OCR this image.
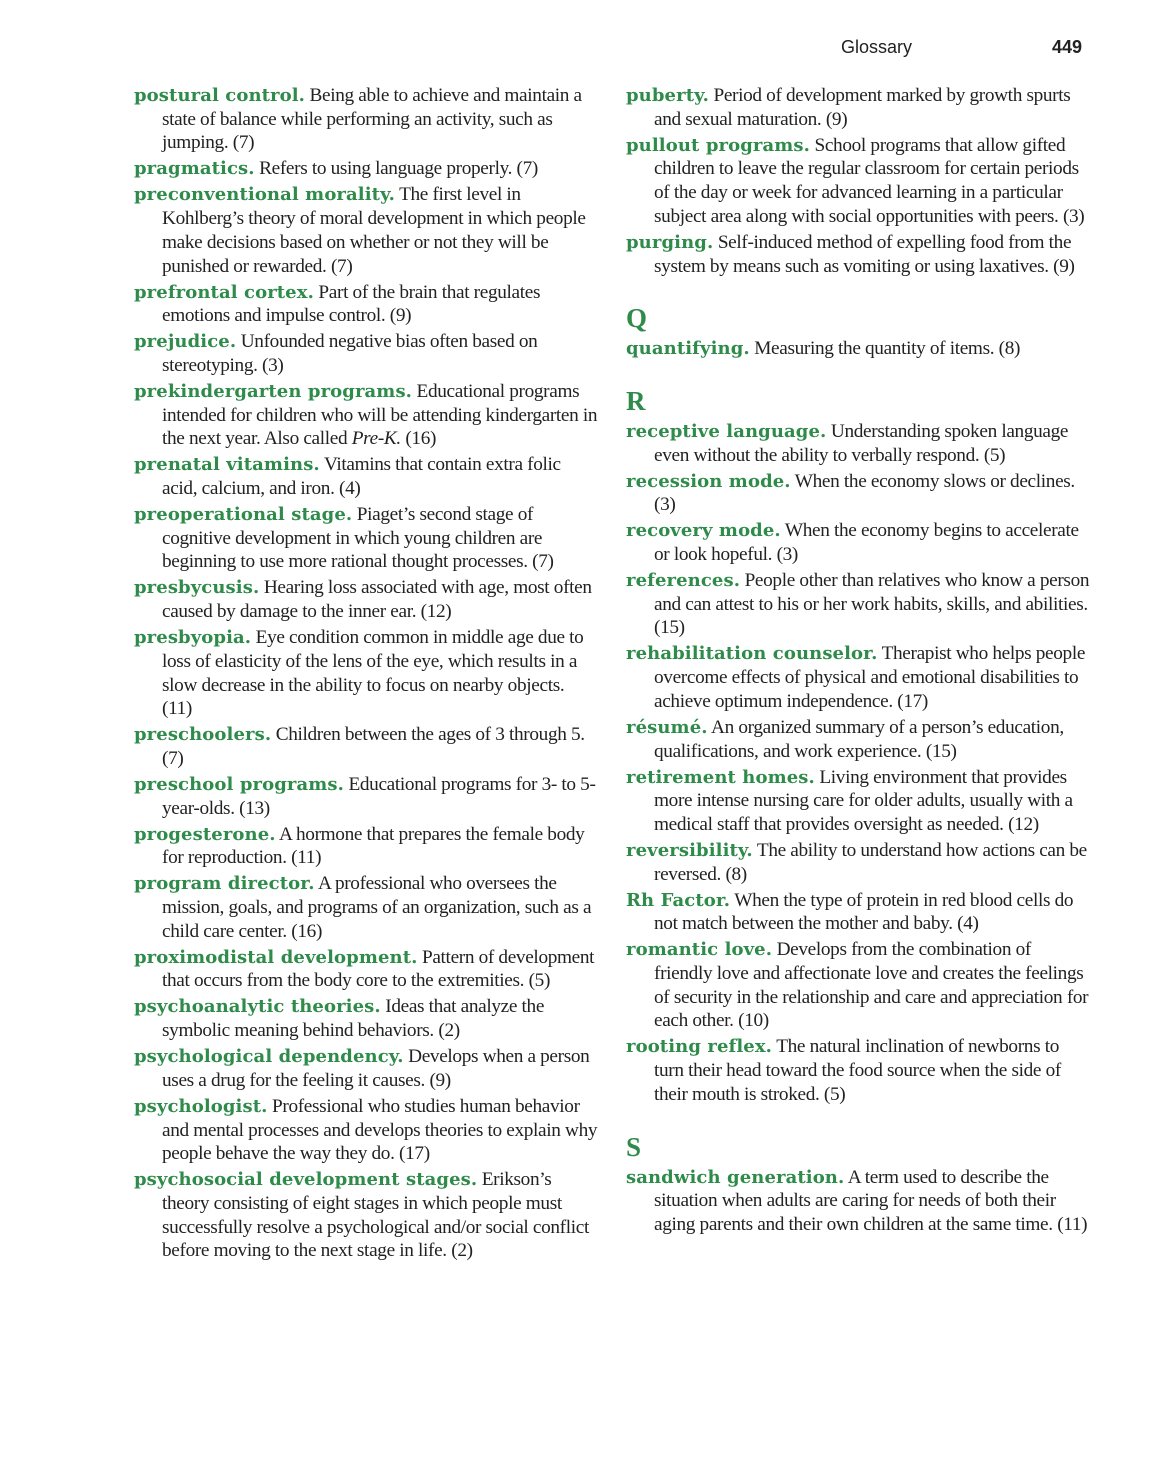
Glossary	449

postural control. Being able to achieve and maintain a state of balance while performing an activity, such as jumping. (7)

pragmatics. Refers to using language properly. (7)

preconventional morality. The first level in Kohlberg’s theory of moral development in which people make decisions based on whether or not they will be punished or rewarded. (7)

prefrontal cortex. Part of the brain that regulates emotions and impulse control. (9)

prejudice. Unfounded negative bias often based on stereotyping. (3)

prekindergarten programs. Educational programs intended for children who will be attending kindergarten in the next year. Also called Pre-K. (16)

prenatal vitamins. Vitamins that contain extra folic acid, calcium, and iron. (4)

preoperational stage. Piaget’s second stage of cognitive development in which young children are beginning to use more rational thought processes. (7)

presbycusis. Hearing loss associated with age, most often caused by damage to the inner ear. (12)

presbyopia. Eye condition common in middle age due to loss of elasticity of the lens of the eye, which results in a slow decrease in the ability to focus on nearby objects. (11)

preschoolers. Children between the ages of 3 through 5. (7)

preschool programs. Educational programs for 3- to 5-year-olds. (13)

progesterone. A hormone that prepares the female body for reproduction. (11)

program director. A professional who oversees the mission, goals, and programs of an organization, such as a child care center. (16)

proximodistal development. Pattern of development that occurs from the body core to the extremities. (5)

psychoanalytic theories. Ideas that analyze the symbolic meaning behind behaviors. (2)

psychological dependency. Develops when a person uses a drug for the feeling it causes. (9)

psychologist. Professional who studies human behavior and mental processes and develops theories to explain why people behave the way they do. (17)

psychosocial development stages. Erikson’s theory consisting of eight stages in which people must successfully resolve a psychological and/or social conflict before moving to the next stage in life. (2)

puberty. Period of development marked by growth spurts and sexual maturation. (9)

pullout programs. School programs that allow gifted children to leave the regular classroom for certain periods of the day or week for advanced learning in a particular subject area along with social opportunities with peers. (3)

purging. Self-induced method of expelling food from the system by means such as vomiting or using laxatives. (9)

Q

quantifying. Measuring the quantity of items. (8)

R

receptive language. Understanding spoken language even without the ability to verbally respond. (5)

recession mode. When the economy slows or declines. (3)

recovery mode. When the economy begins to accelerate or look hopeful. (3)

references. People other than relatives who know a person and can attest to his or her work habits, skills, and abilities. (15)

rehabilitation counselor. Therapist who helps people overcome effects of physical and emotional disabilities to achieve optimum independence. (17)

résumé. An organized summary of a person’s education, qualifications, and work experience. (15)

retirement homes. Living environment that provides more intense nursing care for older adults, usually with a medical staff that provides oversight as needed. (12)

reversibility. The ability to understand how actions can be reversed. (8)

Rh Factor. When the type of protein in red blood cells do not match between the mother and baby. (4)

romantic love. Develops from the combination of friendly love and affectionate love and creates the feelings of security in the relationship and care and appreciation for each other. (10)

rooting reflex. The natural inclination of newborns to turn their head toward the food source when the side of their mouth is stroked. (5)

S

sandwich generation. A term used to describe the situation when adults are caring for needs of both their aging parents and their own children at the same time. (11)
